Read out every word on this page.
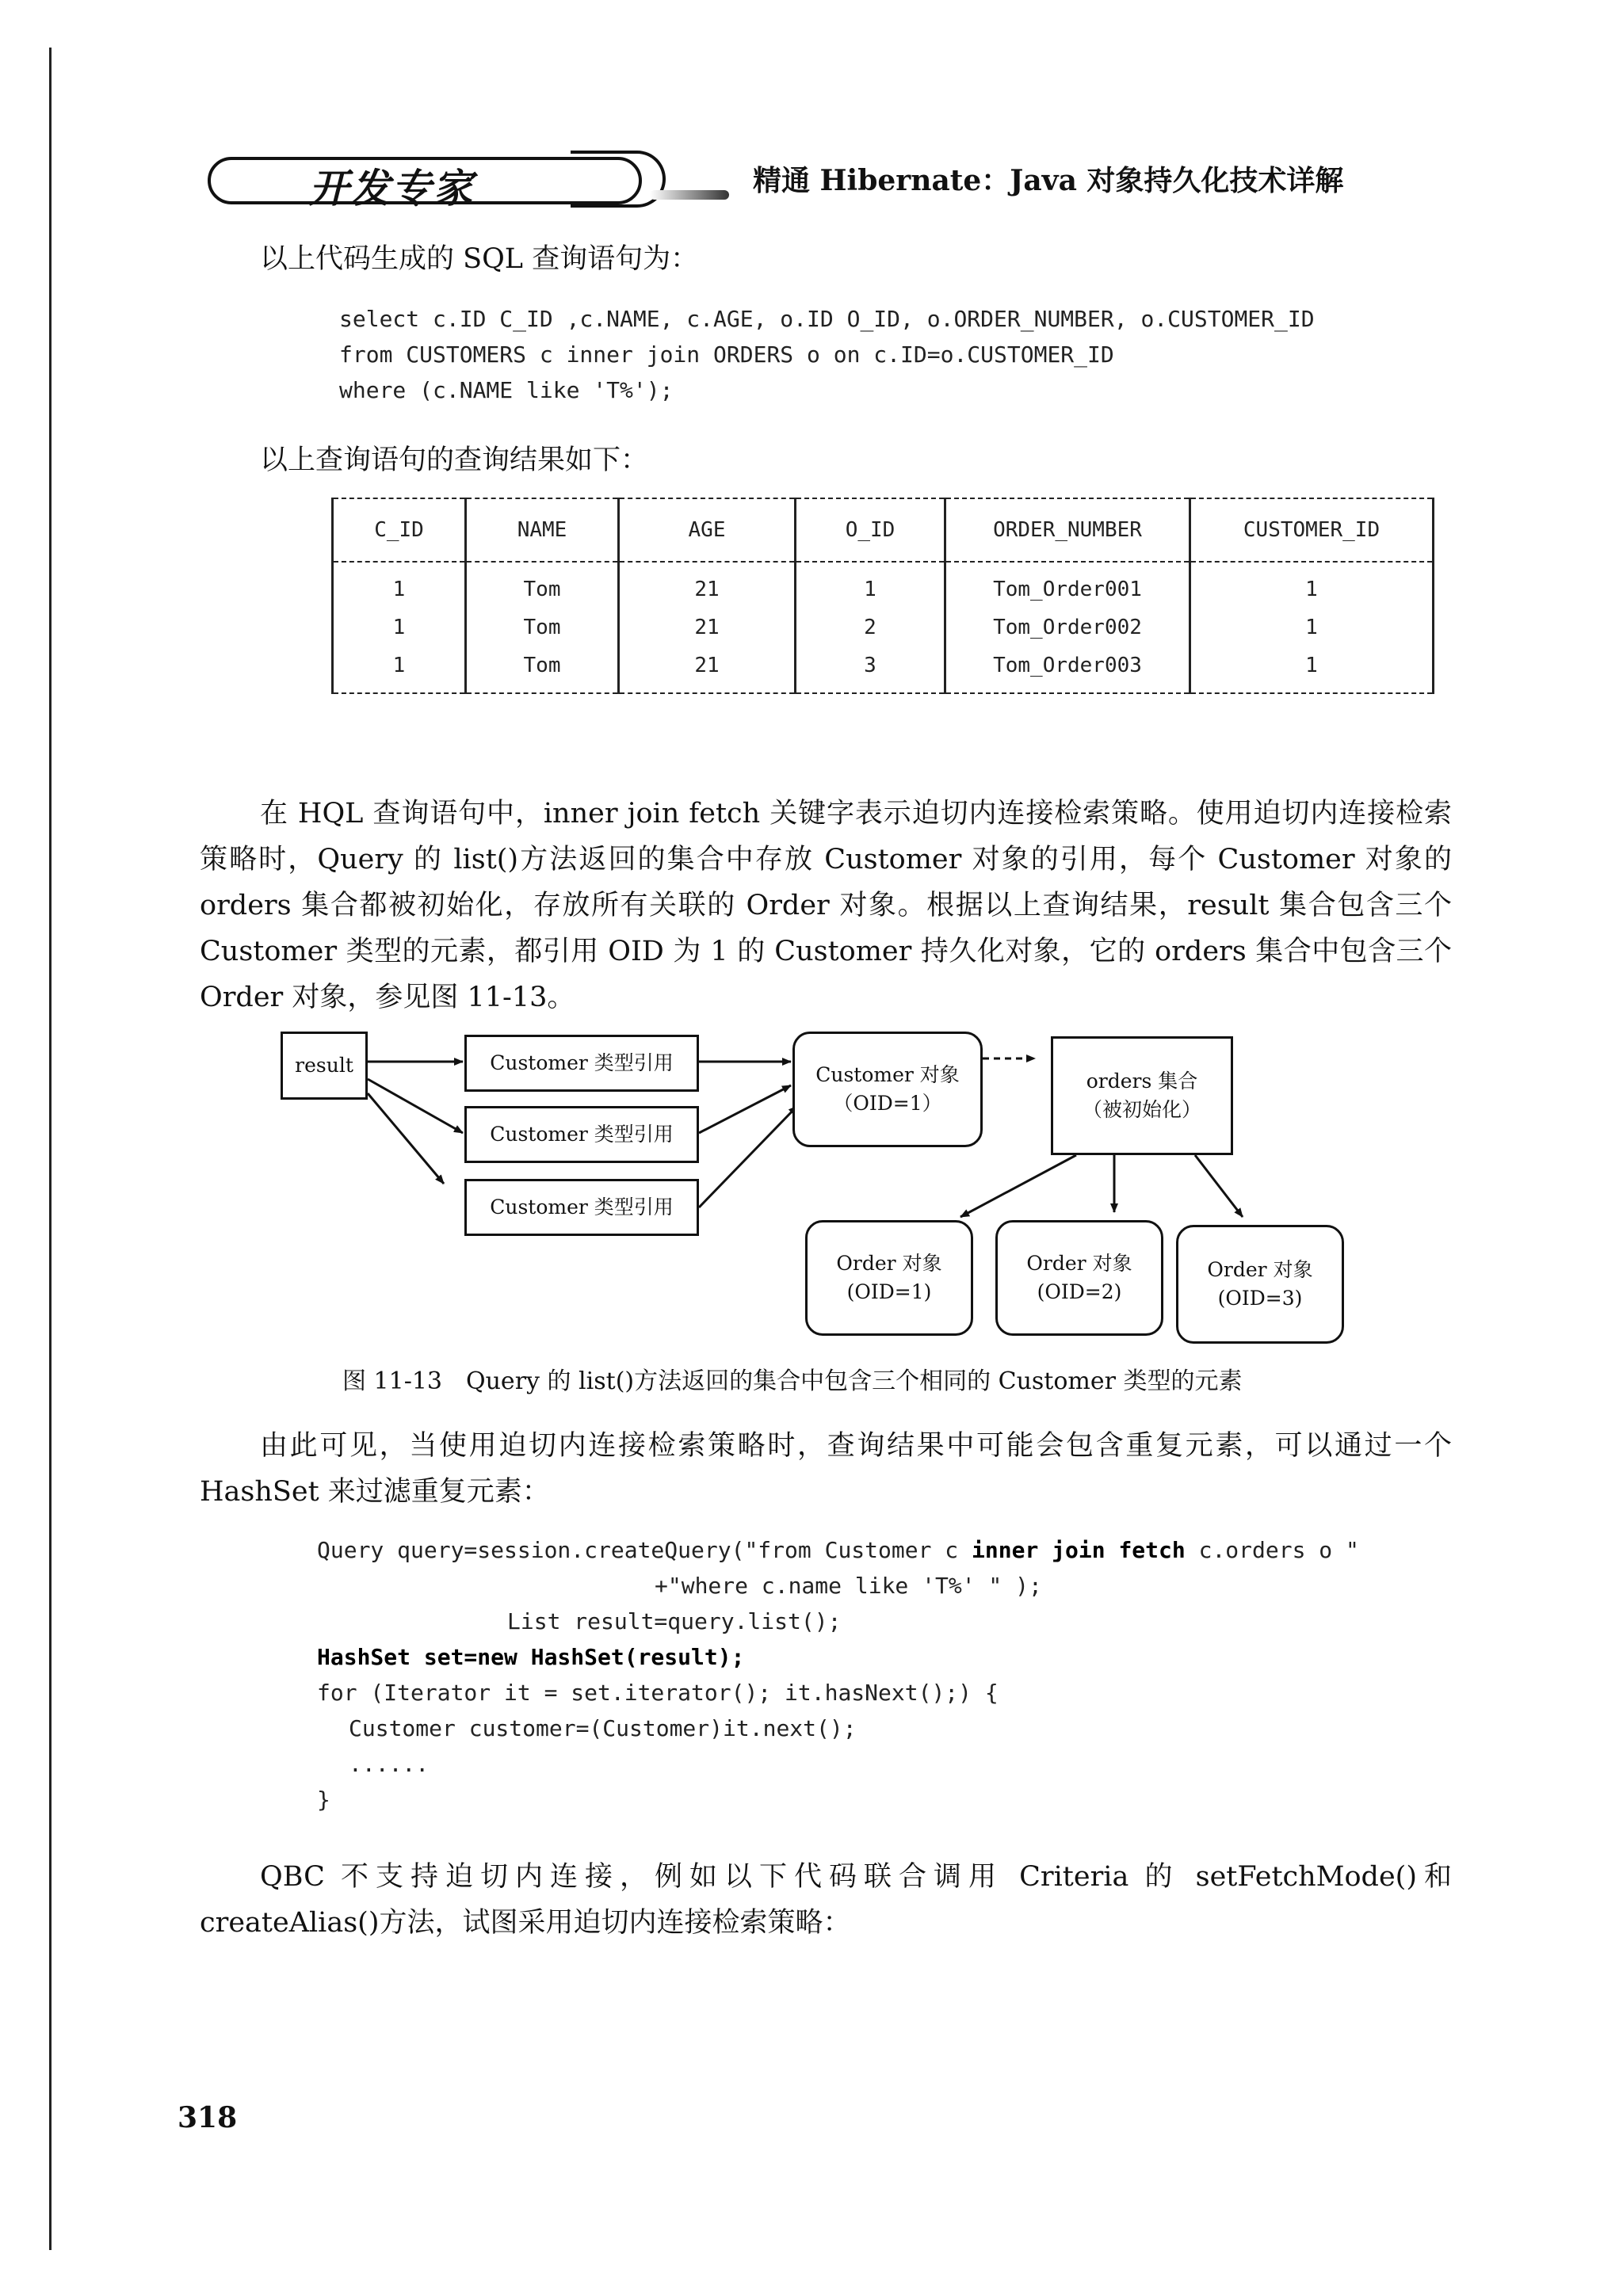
开发专家	精通 Hibernate：Java 对象持久化技术详解
以上代码生成的 SQL 查询语句为：
select c.ID C_ID ,c.NAME, c.AGE, o.ID O_ID, o.ORDER_NUMBER, o.CUSTOMER_ID
from CUSTOMERS c inner join ORDERS o on c.ID=o.CUSTOMER_ID
where (c.NAME like 'T%');
以上查询语句的查询结果如下：
C_ID	NAME	AGE	O_ID	ORDER_NUMBER	CUSTOMER_ID
1	Tom	21	1	Tom_Order001	1
1	Tom	21	2	Tom_Order002	1
1	Tom	21	3	Tom_Order003	1
在 HQL 查询语句中，inner join fetch 关键字表示迫切内连接检索策略。使用迫切内连接检索策略时，Query 的 list()方法返回的集合中存放 Customer 对象的引用，每个 Customer 对象的 orders 集合都被初始化，存放所有关联的 Order 对象。根据以上查询结果，result 集合包含三个 Customer 类型的元素，都引用 OID 为 1 的 Customer 持久化对象，它的 orders 集合中包含三个 Order 对象，参见图 11-13。
result	Customer 类型引用
Customer 类型引用
Customer 类型引用
Customer 对象
（OID=1）
orders 集合
（被初始化）
Order 对象
(OID=1)
Order 对象
(OID=2)
Order 对象
(OID=3)
图 11-13　Query 的 list()方法返回的集合中包含三个相同的 Customer 类型的元素
由此可见，当使用迫切内连接检索策略时，查询结果中可能会包含重复元素，可以通过一个 HashSet 来过滤重复元素：
Query query=session.createQuery("from Customer c inner join fetch c.orders o "
+"where c.name like 'T%' " );
List result=query.list();
HashSet set=new HashSet(result);
for (Iterator it = set.iterator(); it.hasNext();) {
Customer customer=(Customer)it.next();
......
}
QBC 不支持迫切内连接，例如以下代码联合调用 Criteria 的 setFetchMode()和 createAlias()方法，试图采用迫切内连接检索策略：
318
